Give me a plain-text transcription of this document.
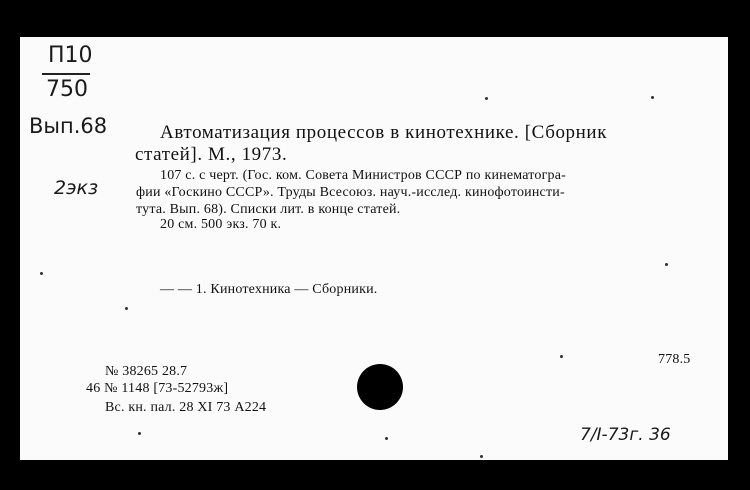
П10
750
Вып.68
2экз
Автоматизация процессов в кинотехнике. [Сборник
статей]. М., 1973.
107 с. с черт. (Гос. ком. Совета Министров СССР по кинематогра-
фии «Госкино СССР». Труды Всесоюз. науч.-исслед. кинофотоинсти-
тута. Вып. 68). Списки лит. в конце статей.
20 см. 500 экз. 70 к.
— — 1. Кинотехника — Сборники.
778.5
№ 38265 28.7
46 № 1148 [73-52793ж]
Вс. кн. пал. 28 XI 73 А224
7/I-73г. 36
